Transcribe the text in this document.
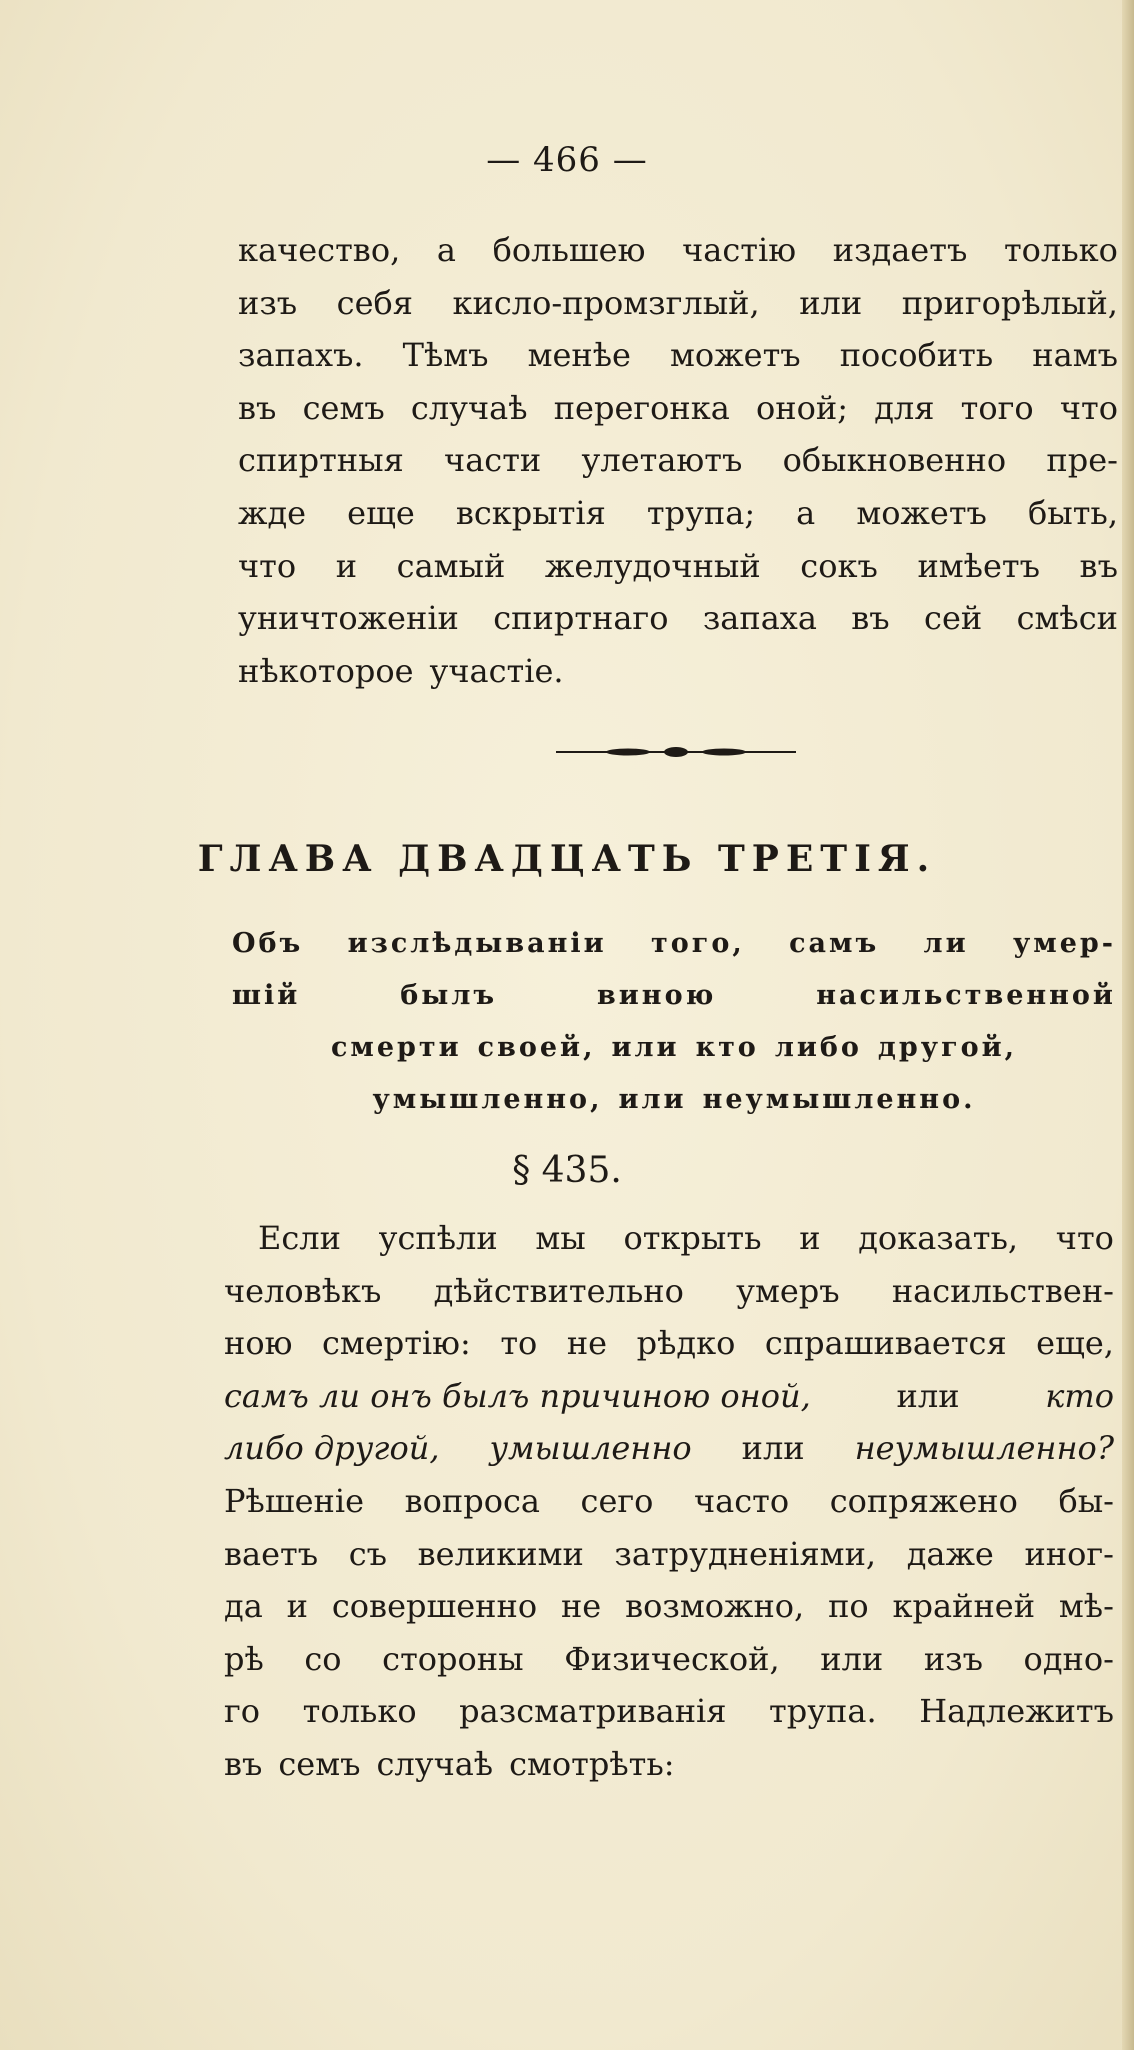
— 466 —
качество, а большею частію издаетъ только
изъ себя кисло-промзглый, или пригорѣлый,
запахъ. Тѣмъ менѣе можетъ пособить намъ
въ семъ случаѣ перегонка оной; для того что
спиртныя части улетаютъ обыкновенно пре-
жде еще вскрытія трупа; а можетъ быть,
что и самый желудочный сокъ имѣетъ въ
уничтоженіи спиртнаго запаха въ сей смѣси
нѣкоторое участіе.
ГЛАВА ДВАДЦАТЬ ТРЕТІЯ.
Объ изслѣдываніи того, самъ ли умер-
шій	былъ	виною	насильственной
смерти своей, или кто либо другой,
умышленно, или неумышленно.
§ 435.
Если успѣли мы открыть и доказать, что
человѣкъ дѣйствительно умеръ насильствен-
ною смертію: то не рѣдко спрашивается еще,
самъ ли онъ былъ причиною оной,	или	кто
либо другой, умышленно или неумышленно?
Рѣшеніе вопроса сего часто сопряжено бы-
ваетъ съ великими затрудненіями, даже иног-
да и совершенно не возможно, по крайней мѣ-
рѣ со стороны Физической, или изъ одно-
го только разсматриванія трупа. Надлежитъ
въ семъ случаѣ смотрѣть:
